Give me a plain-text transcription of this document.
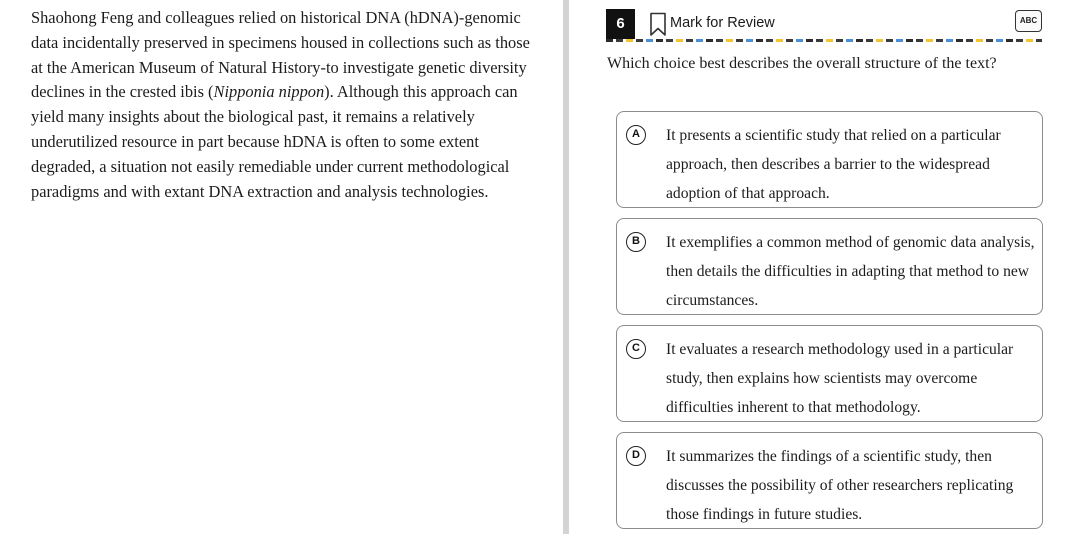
Shaohong Feng and colleagues relied on historical DNA (hDNA)-genomic data incidentally preserved in specimens housed in collections such as those at the American Museum of Natural History-to investigate genetic diversity declines in the crested ibis (Nipponia nippon). Although this approach can yield many insights about the biological past, it remains a relatively underutilized resource in part because hDNA is often to some extent degraded, a situation not easily remediable under current methodological paradigms and with extant DNA extraction and analysis technologies.

6	Mark for Review	ABC

Which choice best describes the overall structure of the text?

A	It presents a scientific study that relied on a particular approach, then describes a barrier to the widespread adoption of that approach.
B	It exemplifies a common method of genomic data analysis, then details the difficulties in adapting that method to new circumstances.
C	It evaluates a research methodology used in a particular study, then explains how scientists may overcome difficulties inherent to that methodology.
D	It summarizes the findings of a scientific study, then discusses the possibility of other researchers replicating those findings in future studies.
